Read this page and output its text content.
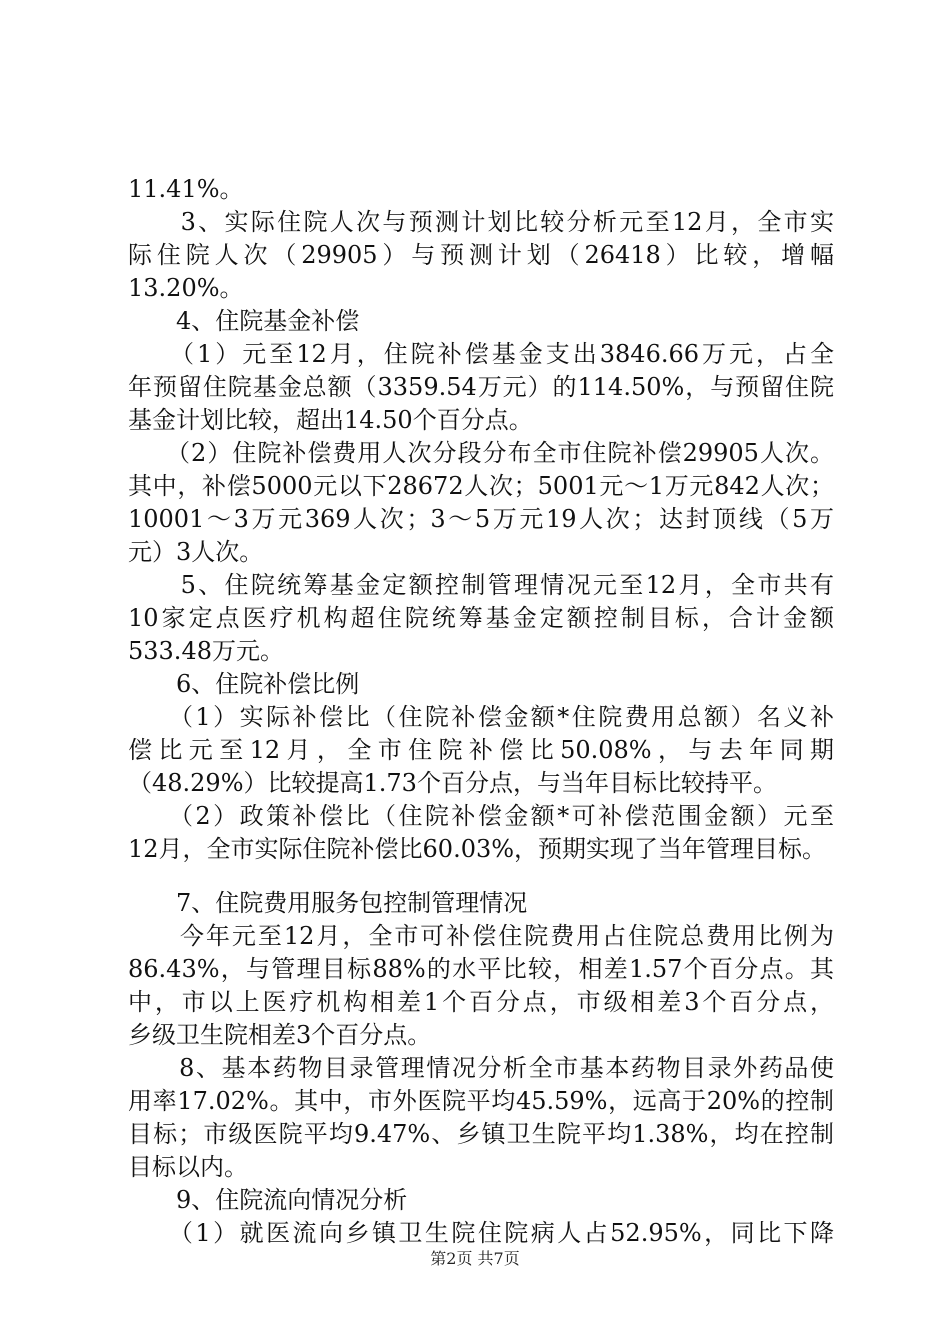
11.41%。
　　3、实际住院人次与预测计划比较分析元至12月，全市实
际住院人次（29905）与预测计划（26418）比较，增幅
13.20%。
　　4、住院基金补偿
　　（1）元至12月，住院补偿基金支出3846.66万元，占全
年预留住院基金总额（3359.54万元）的114.50%，与预留住院
基金计划比较，超出14.50个百分点。
　　（2）住院补偿费用人次分段分布全市住院补偿29905人次。
其中，补偿5000元以下28672人次；5001元～1万元842人次；
10001～3万元369人次；3～5万元19人次；达封顶线（5万
元）3人次。
　　5、住院统筹基金定额控制管理情况元至12月，全市共有
10家定点医疗机构超住院统筹基金定额控制目标，合计金额
533.48万元。
　　6、住院补偿比例
　　（1）实际补偿比（住院补偿金额*住院费用总额）名义补
偿比元至12月，全市住院补偿比50.08%，与去年同期
（48.29%）比较提高1.73个百分点，与当年目标比较持平。
　　（2）政策补偿比（住院补偿金额*可补偿范围金额）元至
12月，全市实际住院补偿比60.03%，预期实现了当年管理目标。
　　7、住院费用服务包控制管理情况
　　今年元至12月，全市可补偿住院费用占住院总费用比例为
86.43%，与管理目标88%的水平比较，相差1.57个百分点。其
中，市以上医疗机构相差1个百分点，市级相差3个百分点，
乡级卫生院相差3个百分点。
　　8、基本药物目录管理情况分析全市基本药物目录外药品使
用率17.02%。其中，市外医院平均45.59%，远高于20%的控制
目标；市级医院平均9.47%、乡镇卫生院平均1.38%，均在控制
目标以内。
　　9、住院流向情况分析
　　（1）就医流向乡镇卫生院住院病人占52.95%，同比下降
第2页 共7页
